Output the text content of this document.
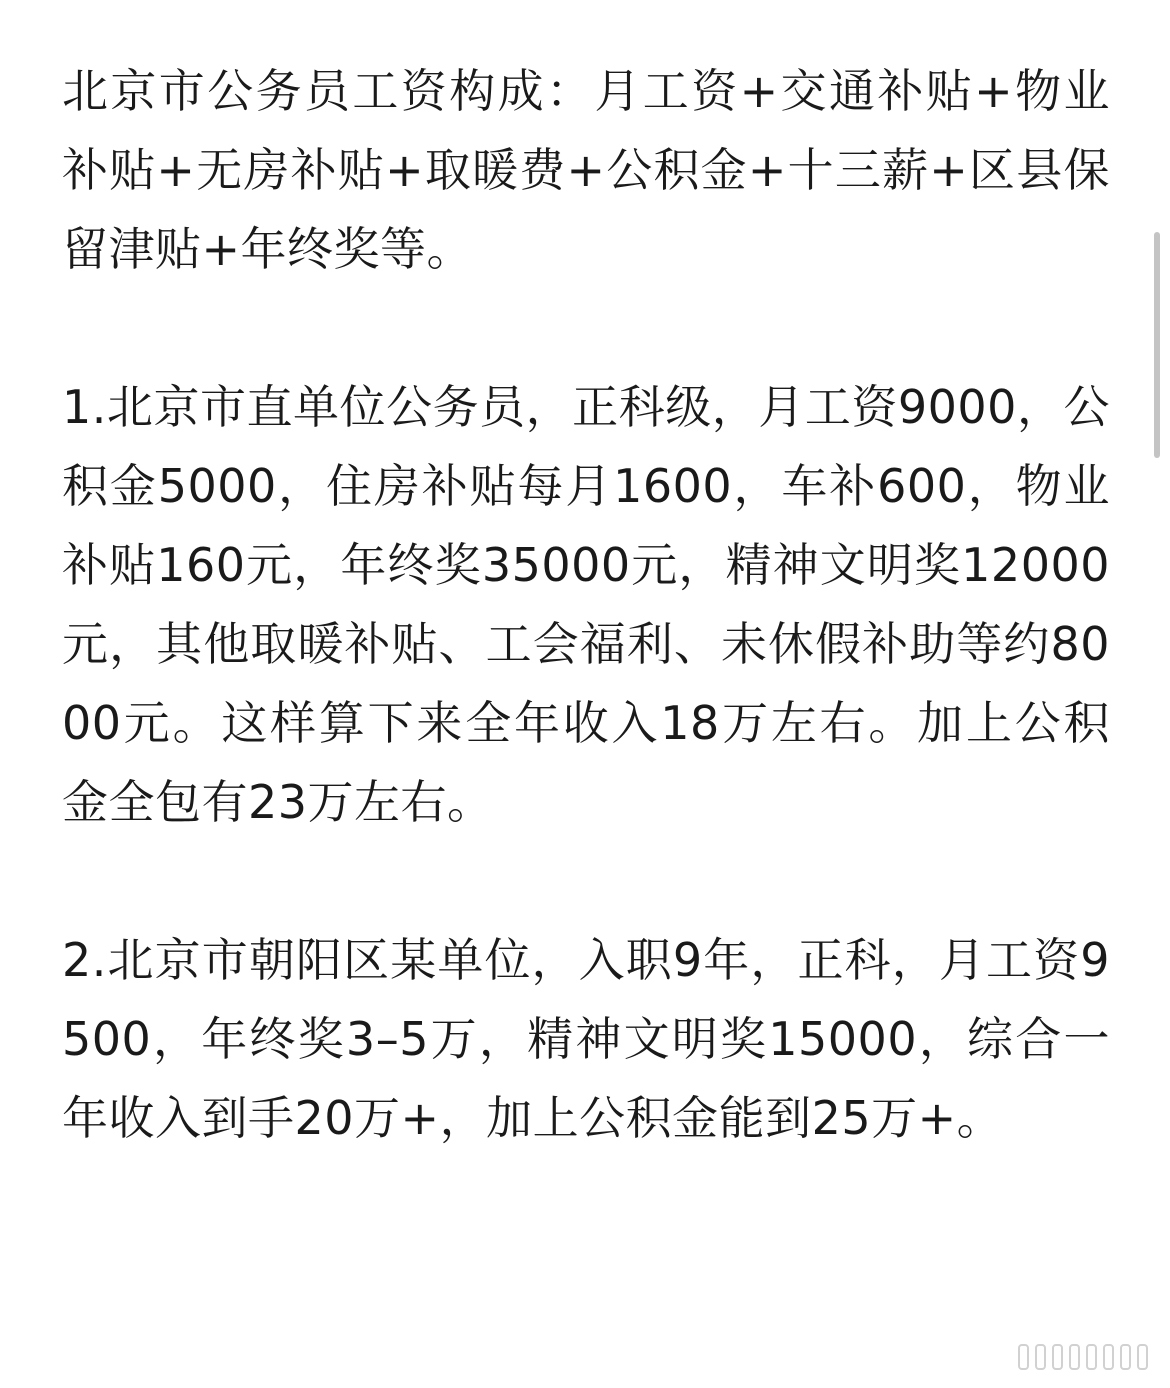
北京市公务员工资构成：月工资+交通补贴+物业补贴+无房补贴+取暖费+公积金+十三薪+区县保留津贴+年终奖等。

1.北京市直单位公务员，正科级，月工资9000，公积金5000，住房补贴每月1600，车补600，物业补贴160元，年终奖35000元，精神文明奖12000元，其他取暖补贴、工会福利、未休假补助等约8000元。这样算下来全年收入18万左右。加上公积金全包有23万左右。

2.北京市朝阳区某单位，入职9年，正科，月工资9500，年终奖3–5万，精神文明奖15000，综合一年收入到手20万+，加上公积金能到25万+。
